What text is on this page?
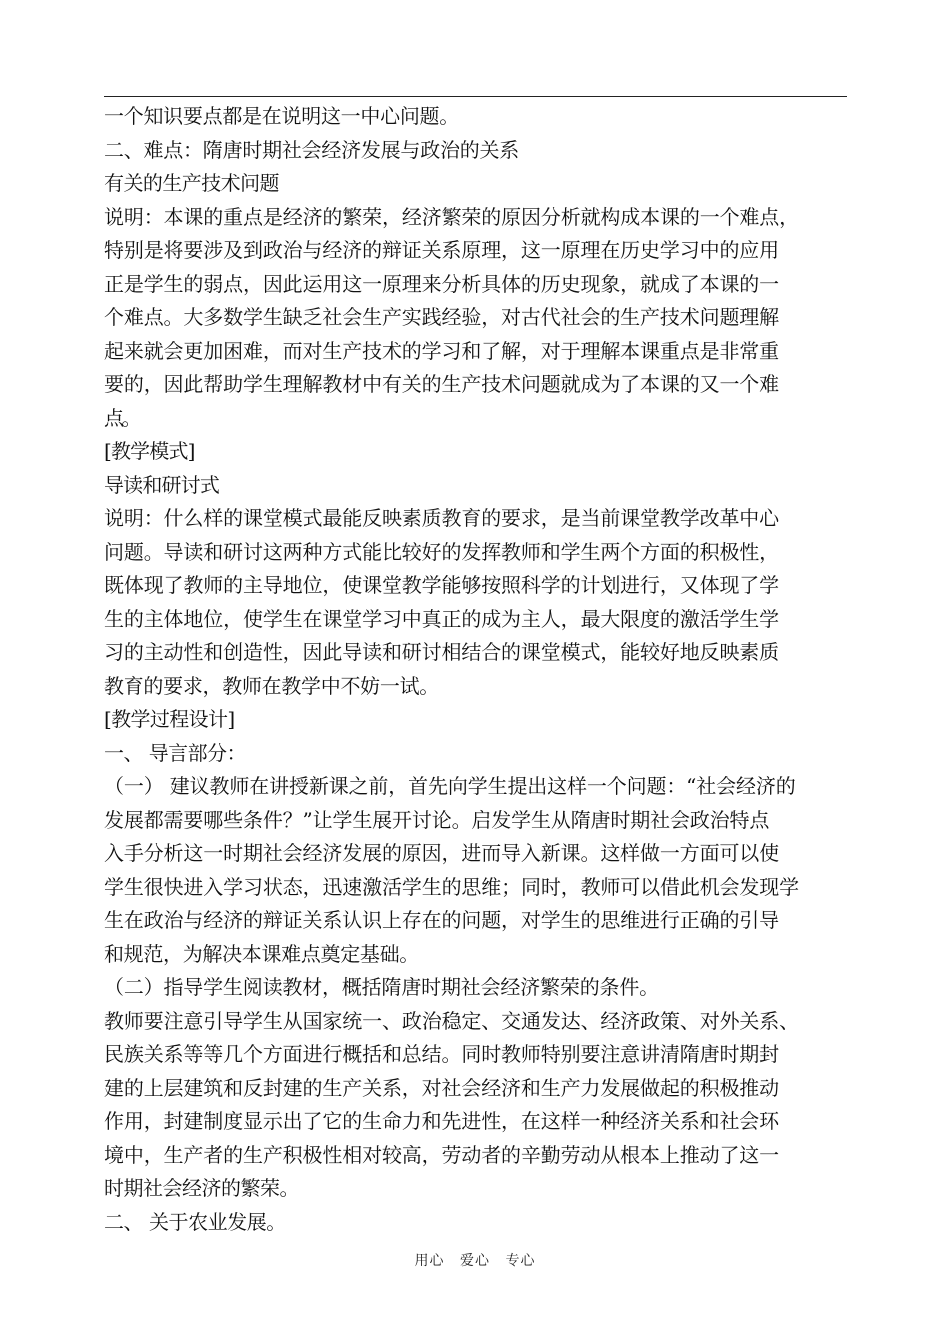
一个知识要点都是在说明这一中心问题。
二、难点：隋唐时期社会经济发展与政治的关系
有关的生产技术问题
说明：本课的重点是经济的繁荣，经济繁荣的原因分析就构成本课的一个难点，
特别是将要涉及到政治与经济的辩证关系原理，这一原理在历史学习中的应用
正是学生的弱点，因此运用这一原理来分析具体的历史现象，就成了本课的一
个难点。大多数学生缺乏社会生产实践经验，对古代社会的生产技术问题理解
起来就会更加困难，而对生产技术的学习和了解，对于理解本课重点是非常重
要的，因此帮助学生理解教材中有关的生产技术问题就成为了本课的又一个难
点。
[教学模式]
导读和研讨式
说明：什么样的课堂模式最能反映素质教育的要求，是当前课堂教学改革中心
问题。导读和研讨这两种方式能比较好的发挥教师和学生两个方面的积极性，
既体现了教师的主导地位，使课堂教学能够按照科学的计划进行，又体现了学
生的主体地位，使学生在课堂学习中真正的成为主人，最大限度的激活学生学
习的主动性和创造性，因此导读和研讨相结合的课堂模式，能较好地反映素质
教育的要求，教师在教学中不妨一试。
[教学过程设计]
一、 导言部分：
（一） 建议教师在讲授新课之前，首先向学生提出这样一个问题：“社会经济的
发展都需要哪些条件？”让学生展开讨论。启发学生从隋唐时期社会政治特点
入手分析这一时期社会经济发展的原因，进而导入新课。这样做一方面可以使
学生很快进入学习状态，迅速激活学生的思维；同时，教师可以借此机会发现学
生在政治与经济的辩证关系认识上存在的问题，对学生的思维进行正确的引导
和规范，为解决本课难点奠定基础。
（二）指导学生阅读教材，概括隋唐时期社会经济繁荣的条件。
教师要注意引导学生从国家统一、政治稳定、交通发达、经济政策、对外关系、
民族关系等等几个方面进行概括和总结。同时教师特别要注意讲清隋唐时期封
建的上层建筑和反封建的生产关系，对社会经济和生产力发展做起的积极推动
作用，封建制度显示出了它的生命力和先进性，在这样一种经济关系和社会环
境中，生产者的生产积极性相对较高，劳动者的辛勤劳动从根本上推动了这一
时期社会经济的繁荣。
二、 关于农业发展。
用心 爱心 专心
